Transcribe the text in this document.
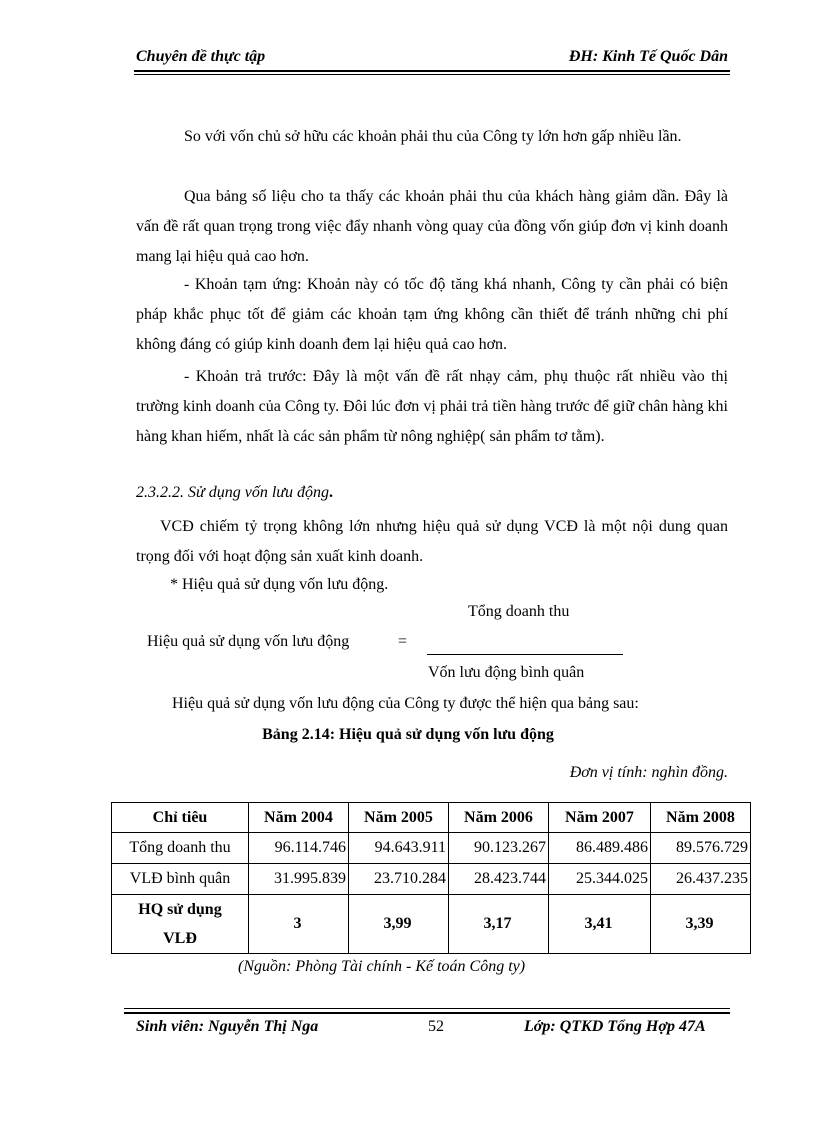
Chuyên đề thực tập	ĐH: Kinh Tế Quốc Dân
So với vốn chủ sở hữu các khoản phải thu của Công ty lớn hơn gấp nhiều lần.
Qua bảng số liệu cho ta thấy các khoản phải thu của khách hàng giảm dần. Đây là vấn đề rất quan trọng trong việc đẩy nhanh vòng quay của đồng vốn giúp đơn vị kinh doanh mang lại hiệu quả cao hơn.
- Khoản tạm ứng: Khoản này có tốc độ tăng khá nhanh, Công ty cần phải có biện pháp khắc phục tốt để giảm các khoản tạm ứng không cần thiết để tránh những chi phí không đáng có giúp kinh doanh đem lại hiệu quả cao hơn.
- Khoản trả trước: Đây là một vấn đề rất nhạy cảm, phụ thuộc rất nhiều vào thị trường kinh doanh của Công ty. Đôi lúc đơn vị phải trả tiền hàng trước để giữ chân hàng khi hàng khan hiếm, nhất là các sản phẩm từ nông nghiệp( sản phẩm tơ tằm).
2.3.2.2. Sử dụng vốn lưu động.
VCĐ chiếm tỷ trọng không lớn nhưng hiệu quả sử dụng VCĐ là một nội dung quan trọng đối với hoạt động sản xuất kinh doanh.
* Hiệu quả sử dụng vốn lưu động.
Tổng doanh thu
Hiệu quả sử dụng vốn lưu động	=
Vốn lưu động bình quân
Hiệu quả sử dụng vốn lưu động của Công ty được thể hiện qua bảng sau:
Bảng 2.14: Hiệu quả sử dụng vốn lưu động
Đơn vị tính: nghìn đồng.
Chỉ tiêu	Năm 2004	Năm 2005	Năm 2006	Năm 2007	Năm 2008
Tổng doanh thu	96.114.746	94.643.911	90.123.267	86.489.486	89.576.729
VLĐ bình quân	31.995.839	23.710.284	28.423.744	25.344.025	26.437.235

HQ sử dụng
VLĐ	3	3,99	3,17	3,41	3,39
(Nguồn: Phòng Tài chính - Kế toán Công ty)
Sinh viên: Nguyễn Thị Nga	52	Lớp: QTKD Tổng Hợp 47A
